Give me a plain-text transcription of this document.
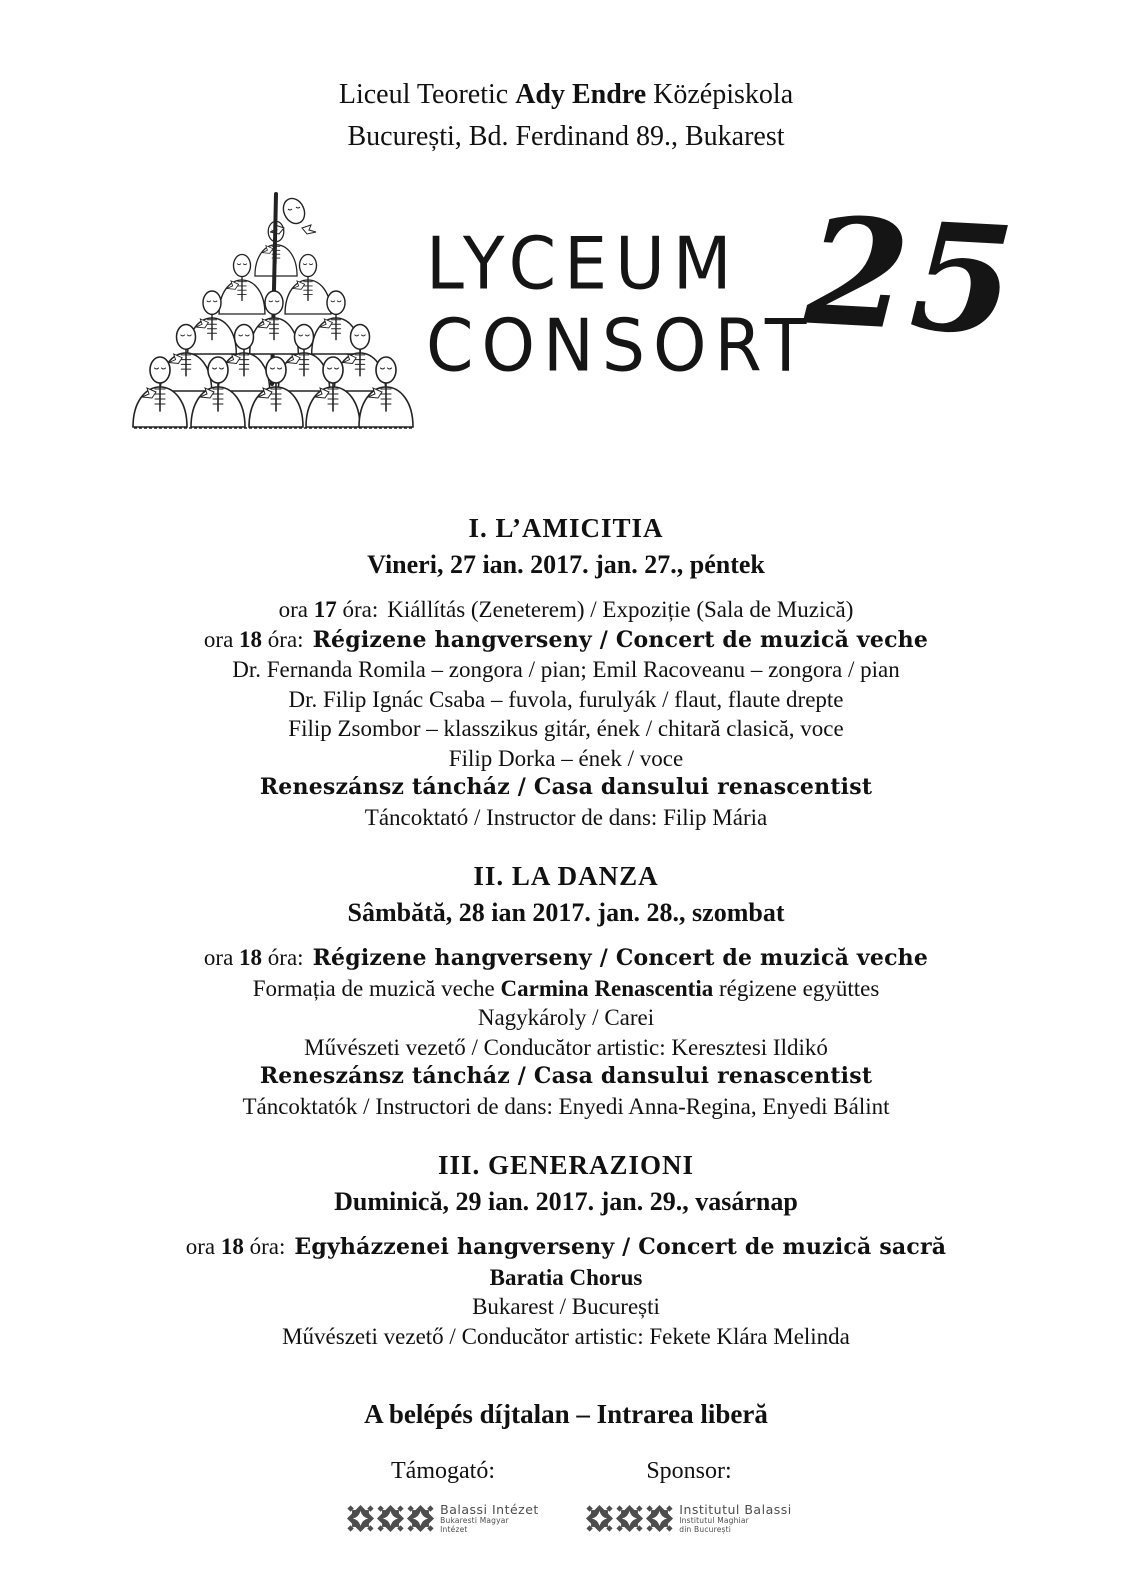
Liceul Teoretic Ady Endre Középiskola
București, Bd. Ferdinand 89., Bukarest
LYCEUM
CONSORT
25
I. L’AMICITIA
Vineri, 27 ian. 2017. jan. 27., péntek
ora 17 óra: Kiállítás (Zeneterem) / Expoziție (Sala de Muzică)
ora 18 óra: Régizene hangverseny / Concert de muzică veche
Dr. Fernanda Romila – zongora / pian; Emil Racoveanu – zongora / pian
Dr. Filip Ignác Csaba – fuvola, furulyák / flaut, flaute drepte
Filip Zsombor – klasszikus gitár, ének / chitară clasică, voce
Filip Dorka – ének / voce
Reneszánsz táncház / Casa dansului renascentist
Táncoktató / Instructor de dans: Filip Mária
II. LA DANZA
Sâmbătă, 28 ian 2017. jan. 28., szombat
ora 18 óra: Régizene hangverseny / Concert de muzică veche
Formația de muzică veche Carmina Renascentia régizene együttes
Nagykároly / Carei
Művészeti vezető / Conducător artistic: Keresztesi Ildikó
Reneszánsz táncház / Casa dansului renascentist
Táncoktatók / Instructori de dans: Enyedi Anna-Regina, Enyedi Bálint
III. GENERAZIONI
Duminică, 29 ian. 2017. jan. 29., vasárnap
ora 18 óra: Egyházzenei hangverseny / Concert de muzică sacră
Baratia Chorus
Bukarest / București
Művészeti vezető / Conducător artistic: Fekete Klára Melinda
A belépés díjtalan – Intrarea liberă
Támogató:
Balassi Intézet
Bukaresti Magyar
Intézet
Sponsor:
Institutul Balassi
Institutul Maghiar
din București
